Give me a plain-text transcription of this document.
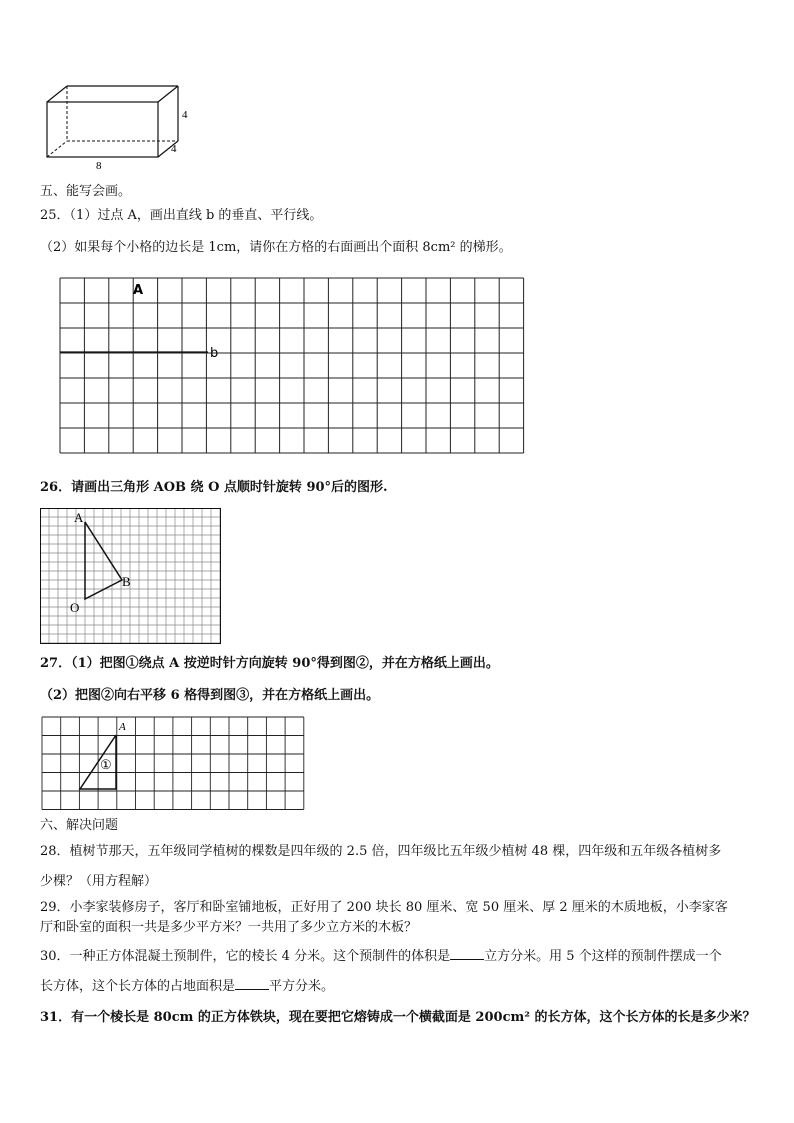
4
4
8
五、能写会画。
25．（1）过点 A，画出直线 b 的垂直、平行线。
（2）如果每个小格的边长是 1cm，请你在方格的右面画出个面积 8cm² 的梯形。
A
b
26．请画出三角形 AOB 绕 O 点顺时针旋转 90°后的图形.
A
B
O
27．（1）把图①绕点 A 按逆时针方向旋转 90°得到图②，并在方格纸上画出。
（2）把图②向右平移 6 格得到图③，并在方格纸上画出。
A
①
六、解决问题
28．植树节那天，五年级同学植树的棵数是四年级的 2.5 倍，四年级比五年级少植树 48 棵，四年级和五年级各植树多
少棵？（用方程解）
29．小李家装修房子，客厅和卧室铺地板，正好用了 200 块长 80 厘米、宽 50 厘米、厚 2 厘米的木质地板，小李家客
厅和卧室的面积一共是多少平方米？一共用了多少立方米的木板？
30．一种正方体混凝土预制件，它的棱长 4 分米。这个预制件的体积是	立方分米。用 5 个这样的预制件摆成一个
长方体，这个长方体的占地面积是	平方分米。
31．有一个棱长是 80cm 的正方体铁块，现在要把它熔铸成一个横截面是 200cm² 的长方体，这个长方体的长是多少米？
